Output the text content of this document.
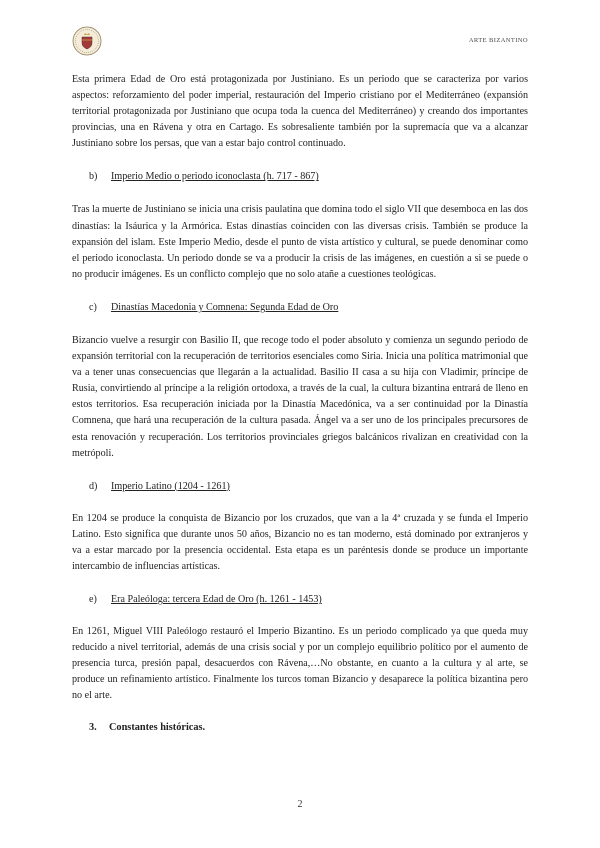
ARTE BIZANTINO

Esta primera Edad de Oro está protagonizada por Justiniano. Es un periodo que se caracteriza por varios aspectos: reforzamiento del poder imperial, restauración del Imperio cristiano por el Mediterráneo (expansión territorial protagonizada por Justiniano que ocupa toda la cuenca del Mediterráneo) y creando dos importantes provincias, una en Rávena y otra en Cartago. Es sobresaliente también por la supremacía que va a alcanzar Justiniano sobre los persas, que van a estar bajo control continuado.

b) Imperio Medio o periodo iconoclasta (h. 717 - 867)

Tras la muerte de Justiniano se inicia una crisis paulatina que domina todo el siglo VII que desemboca en las dos dinastías: la Isáurica y la Armórica. Estas dinastías coinciden con las diversas crisis. También se produce la expansión del islam. Este Imperio Medio, desde el punto de vista artístico y cultural, se puede denominar como el periodo iconoclasta. Un periodo donde se va a producir la crisis de las imágenes, en cuestión a si se puede o no producir imágenes. Es un conflicto complejo que no solo atañe a cuestiones teológicas.

c) Dinastías Macedonia y Comnena: Segunda Edad de Oro

Bizancio vuelve a resurgir con Basilio II, que recoge todo el poder absoluto y comienza un segundo periodo de expansión territorial con la recuperación de territorios esenciales como Siria. Inicia una política matrimonial que va a tener unas consecuencias que llegarán a la actualidad. Basilio II casa a su hija con Vladimir, príncipe de Rusia, convirtiendo al príncipe a la religión ortodoxa, a través de la cual, la cultura bizantina entrará de lleno en estos territorios. Esa recuperación iniciada por la Dinastía Macedónica, va a ser continuidad por la Dinastía Comnena, que hará una recuperación de la cultura pasada. Ángel va a ser uno de los principales precursores de esta renovación y recuperación. Los territorios provinciales griegos balcánicos rivalizan en creatividad con la metrópoli.

d) Imperio Latino (1204 - 1261)

En 1204 se produce la conquista de Bizancio por los cruzados, que van a la 4ª cruzada y se funda el Imperio Latino. Esto significa que durante unos 50 años, Bizancio no es tan moderno, está dominado por extranjeros y va a estar marcado por la presencia occidental. Esta etapa es un paréntesis donde se produce un importante intercambio de influencias artísticas.

e) Era Paleóloga: tercera Edad de Oro (h. 1261 - 1453)

En 1261, Miguel VIII Paleólogo restauró el Imperio Bizantino. Es un periodo complicado ya que queda muy reducido a nivel territorial, además de una crisis social y por un complejo equilibrio político por el aumento de presencia turca, presión papal, desacuerdos con Rávena,…No obstante, en cuanto a la cultura y al arte, se produce un refinamiento artístico. Finalmente los turcos toman Bizancio y desaparece la política bizantina pero no el arte.

3. Constantes históricas.

2
